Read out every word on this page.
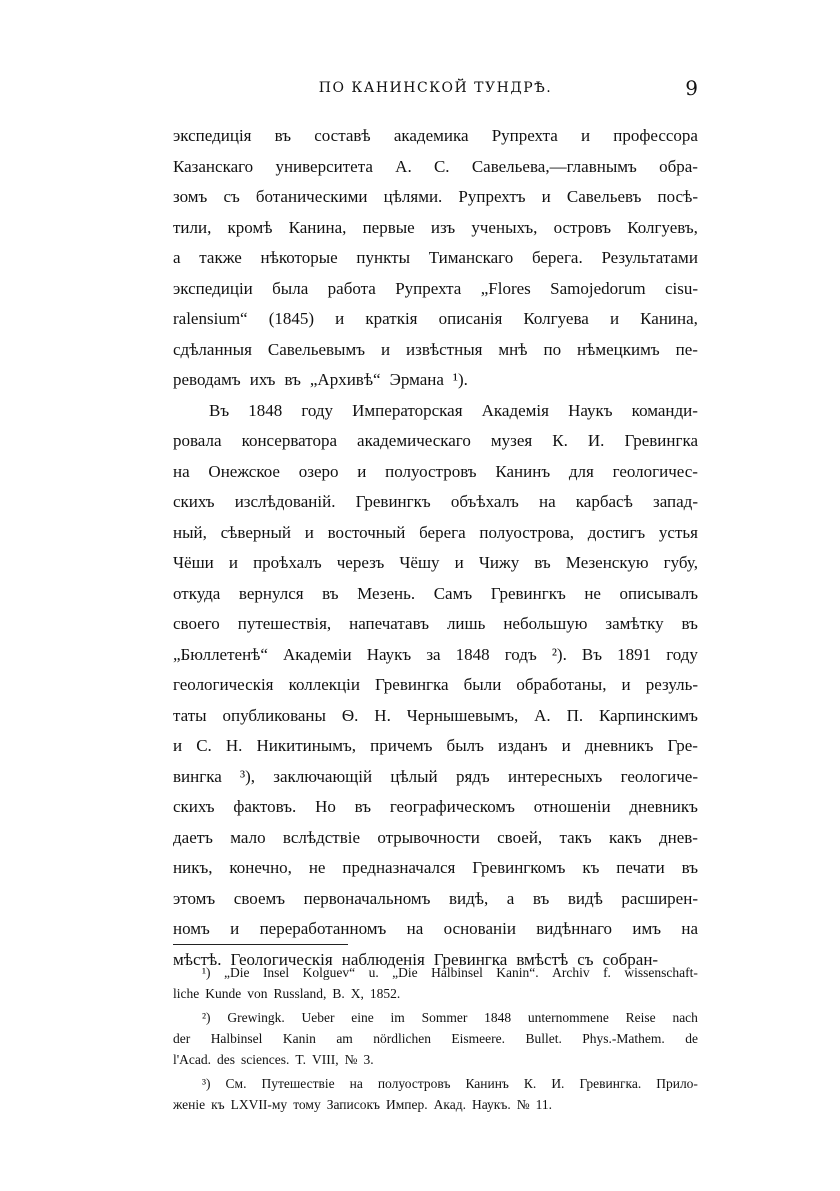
ПО КАНИНСКОЙ ТУНДРѢ.	9
экспедиція въ составѣ академика Рупрехта и профессора
Казанскаго университета А. С. Савельева,—главнымъ обра-
зомъ съ ботаническими цѣлями. Рупрехтъ и Савельевъ посѣ-
тили, кромѣ Канина, первые изъ ученыхъ, островъ Колгуевъ,
а также нѣкоторые пункты Тиманскаго берега. Результатами
экспедиціи была работа Рупрехта „Flores Samojedorum cisu-
ralensium“ (1845) и краткія описанія Колгуева и Канина,
сдѣланныя Савельевымъ и извѣстныя мнѣ по нѣмецкимъ пе-
реводамъ ихъ въ „Архивѣ“ Эрмана ¹).
Въ 1848 году Императорская Академія Наукъ команди-
ровала консерватора академическаго музея К. И. Гревингка
на Онежское озеро и полуостровъ Канинъ для геологичес-
скихъ изслѣдованій. Гревингкъ объѣхалъ на карбасѣ запад-
ный, сѣверный и восточный берега полуострова, достигъ устья
Чёши и проѣхалъ черезъ Чёшу и Чижу въ Мезенскую губу,
откуда вернулся въ Мезень. Самъ Гревингкъ не описывалъ
своего путешествія, напечатавъ лишь небольшую замѣтку въ
„Бюллетенѣ“ Академіи Наукъ за 1848 годъ ²). Въ 1891 году
геологическія коллекціи Гревингка были обработаны, и резуль-
таты опубликованы Ѳ. Н. Чернышевымъ, А. П. Карпинскимъ
и С. Н. Никитинымъ, причемъ былъ изданъ и дневникъ Гре-
вингка ³), заключающій цѣлый рядъ интересныхъ геологиче-
скихъ фактовъ. Но въ географическомъ отношеніи дневникъ
даетъ мало вслѣдствіе отрывочности своей, такъ какъ днев-
никъ, конечно, не предназначался Гревингкомъ къ печати въ
этомъ своемъ первоначальномъ видѣ, а въ видѣ расширен-
номъ и переработанномъ на основаніи видѣннаго имъ на
мѣстѣ. Геологическія наблюденія Гревингка вмѣстѣ съ собран-
¹) „Die Insel Kolguev“ u. „Die Halbinsel Kanin“. Archiv f. wissenschaft-
liche Kunde von Russland, B. X, 1852.
²) Grewingk. Ueber eine im Sommer 1848 unternommene Reise nach
der Halbinsel Kanin am nördlichen Eismeere. Bullet. Phys.-Mathem. de
l'Acad. des sciences. T. VIII, № 3.
³) См. Путешествіе на полуостровъ Канинъ К. И. Гревингка. Прило-
женіе къ LXVII-му тому Записокъ Импер. Акад. Наукъ. № 11.
